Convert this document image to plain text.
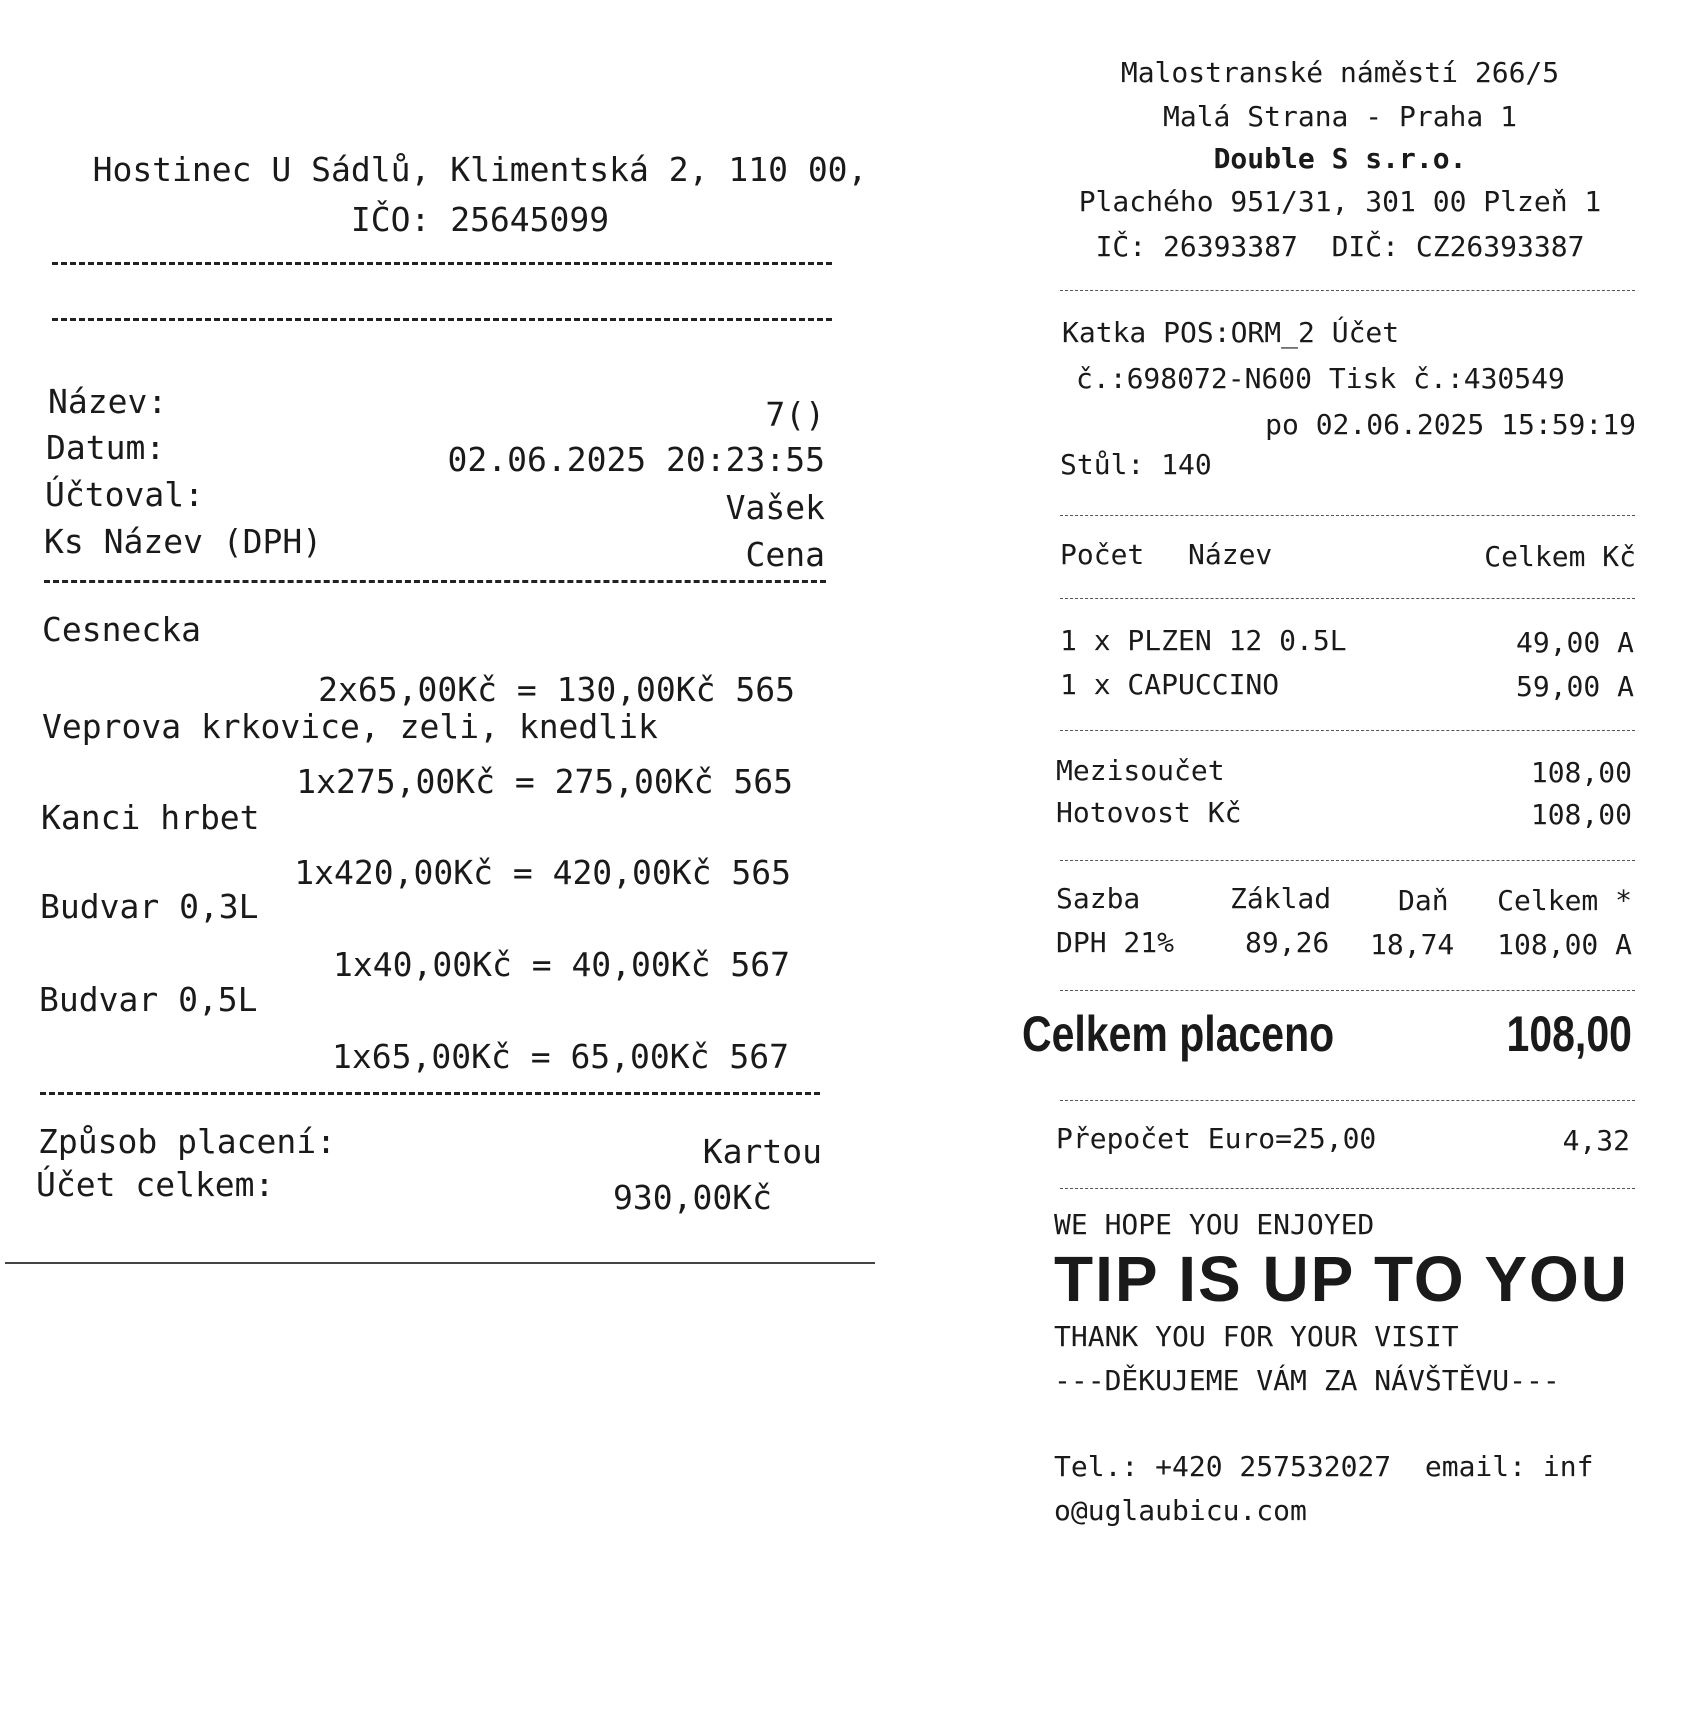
Hostinec U Sádlů, Klimentská 2, 110 00,
IČO: 25645099
Název:	7()
Datum:	02.06.2025 20:23:55
Účtoval:	Vašek
Ks Název (DPH)	Cena
Cesnecka
2x65,00Kč = 130,00Kč 565
Veprova krkovice, zeli, knedlik
1x275,00Kč = 275,00Kč 565
Kanci hrbet
1x420,00Kč = 420,00Kč 565
Budvar 0,3L
1x40,00Kč = 40,00Kč 567
Budvar 0,5L
1x65,00Kč = 65,00Kč 567
Způsob placení:	Kartou
Účet celkem:	930,00Kč
Malostranské náměstí 266/5
Malá Strana - Praha 1
Double S s.r.o.
Plachého 951/31, 301 00 Plzeň 1
IČ: 26393387  DIČ: CZ26393387
Katka POS:ORM_2 Účet
č.:698072-N600 Tisk č.:430549
po 02.06.2025 15:59:19
Stůl: 140
Počet Název	Celkem Kč
1 x PLZEN 12 0.5L	49,00 A
1 x CAPUCCINO	59,00 A
Mezisoučet	108,00
Hotovost Kč	108,00
Sazba	Základ Daň Celkem *
DPH 21%	89,26 18,74 108,00 A
Celkem placeno	108,00
Přepočet Euro=25,00	4,32
WE HOPE YOU ENJOYED
TIP IS UP TO YOU
THANK YOU FOR YOUR VISIT
---DĚKUJEME VÁM ZA NÁVŠTĚVU---
Tel.: +420 257532027  email: inf
o@uglaubicu.com
